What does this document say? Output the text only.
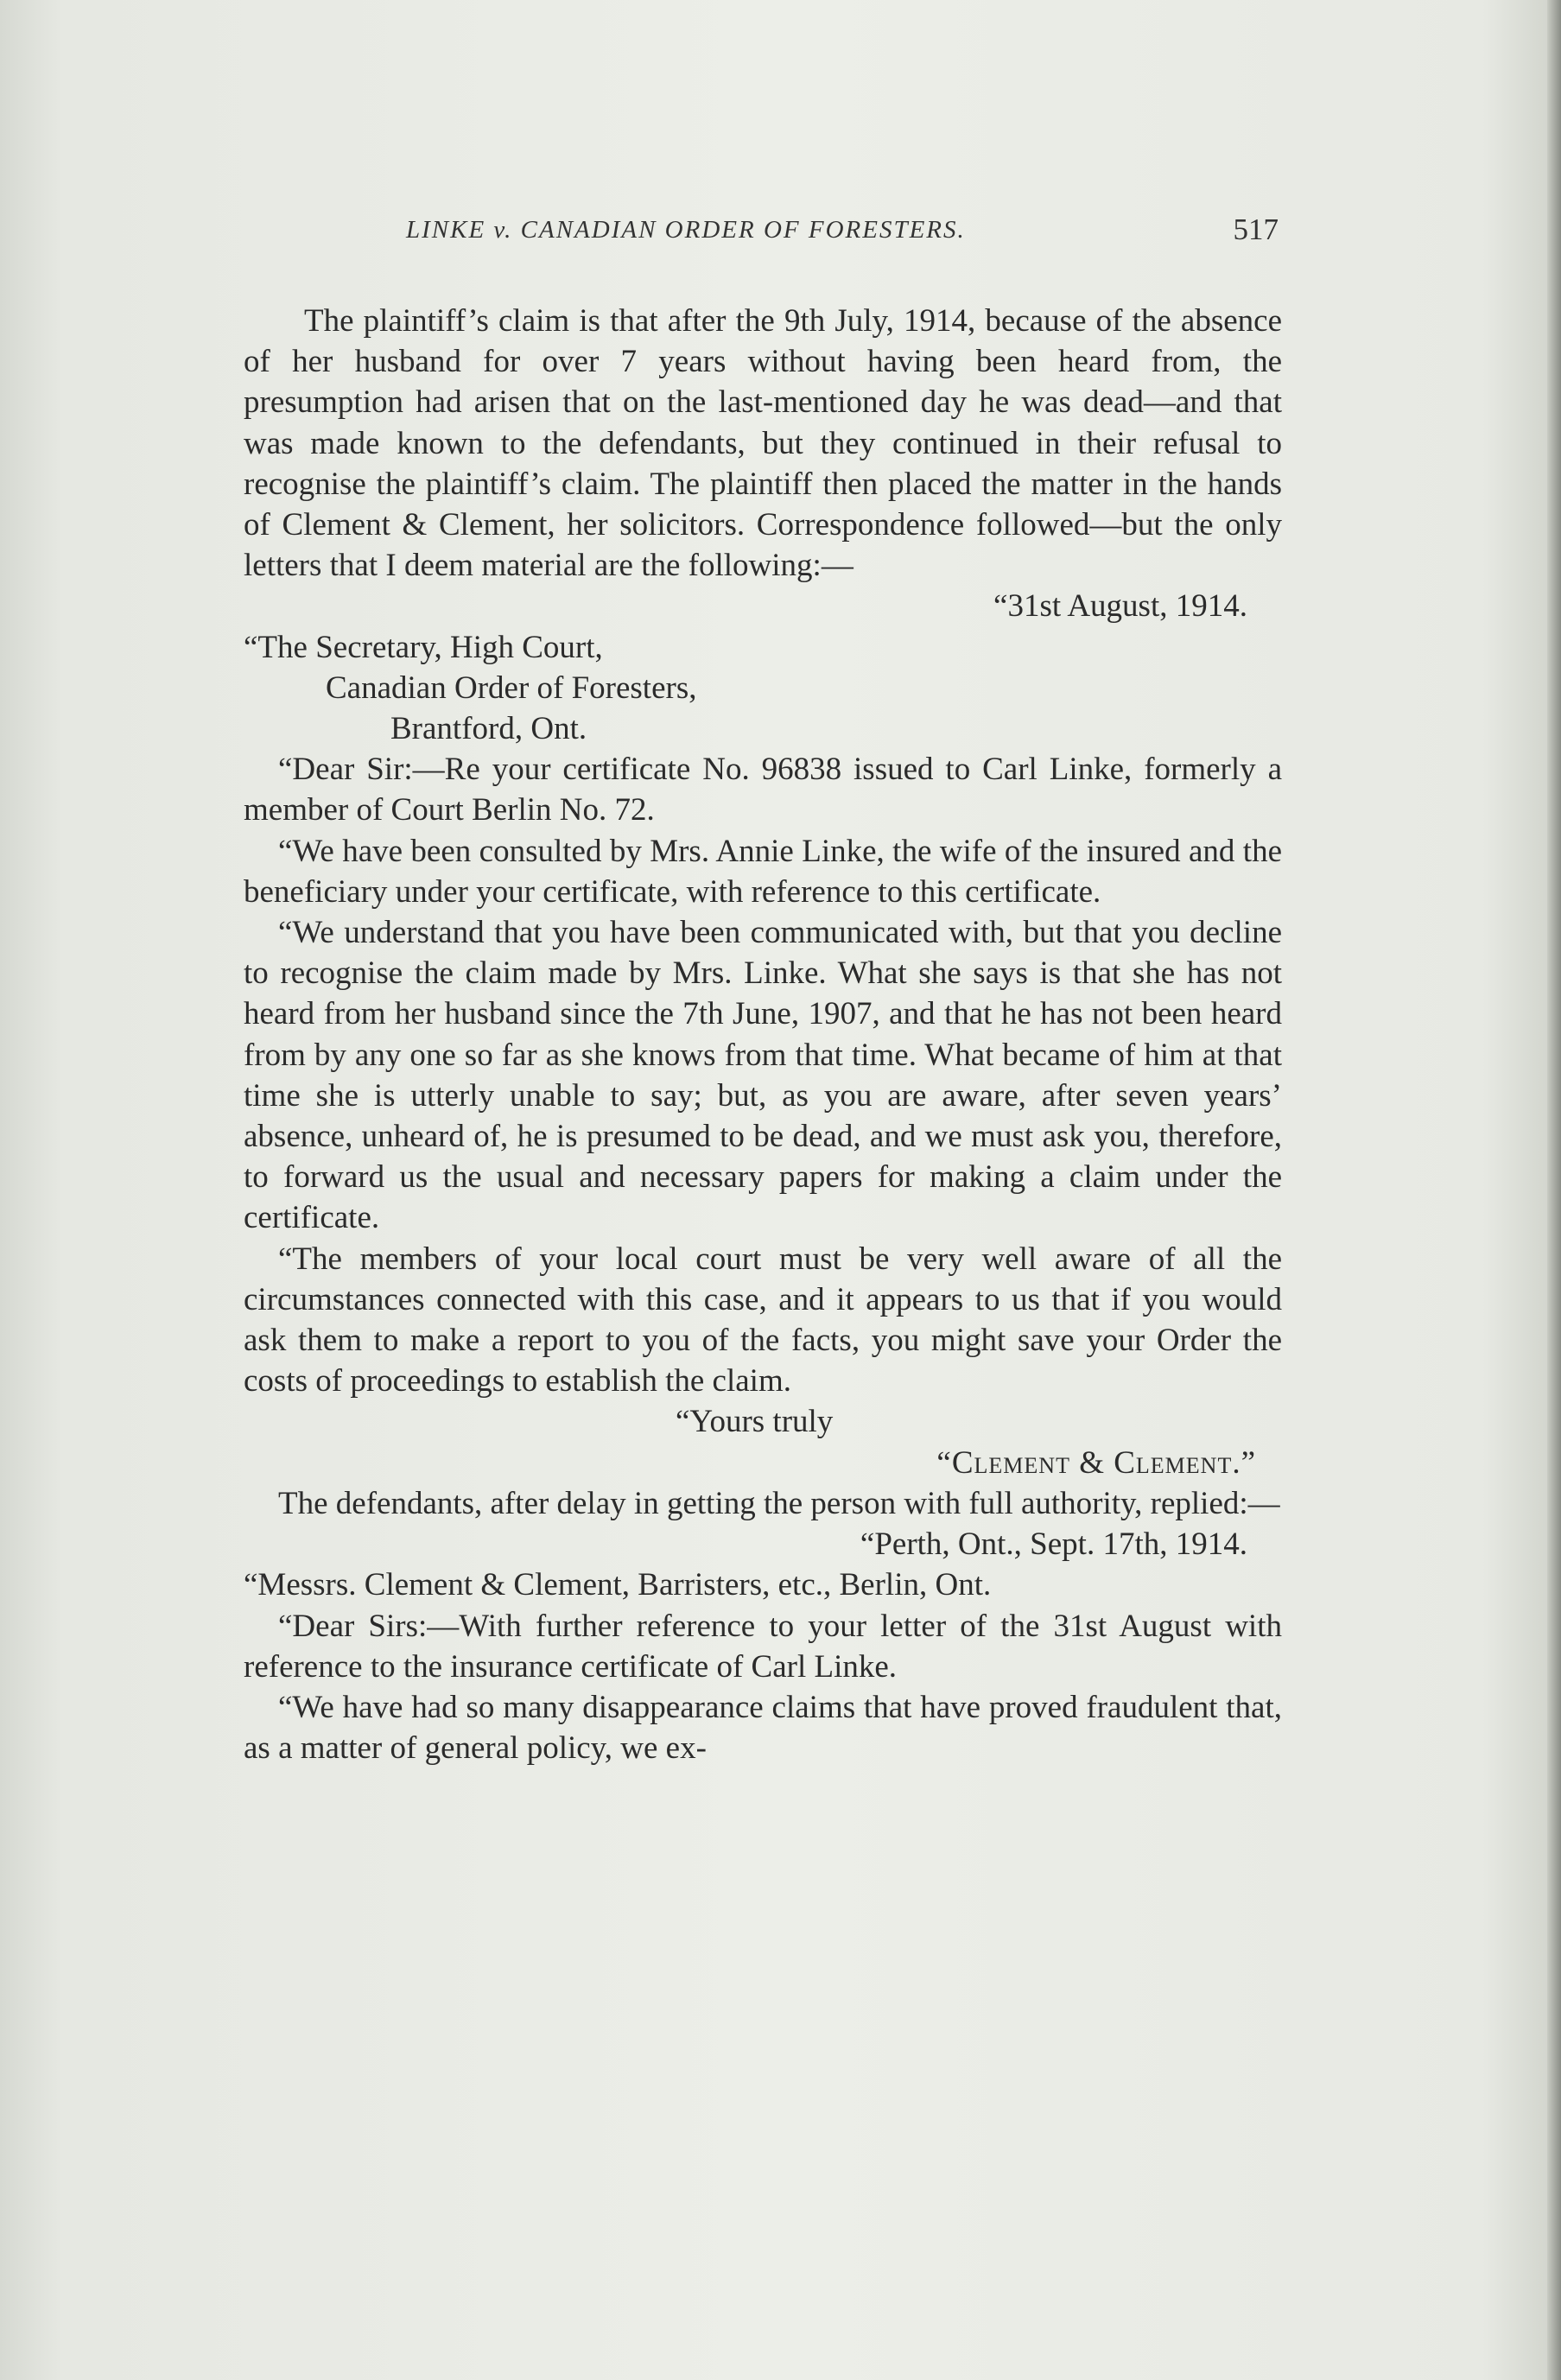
LINKE v. CANADIAN ORDER OF FORESTERS.	517

The plaintiff’s claim is that after the 9th July, 1914, because of the absence of her husband for over 7 years without having been heard from, the presumption had arisen that on the last-mentioned day he was dead—and that was made known to the defendants, but they continued in their refusal to recognise the plaintiff’s claim. The plaintiff then placed the matter in the hands of Clement & Clement, her solicitors. Correspondence followed—but the only letters that I deem material are the following:—

“31st August, 1914.

“The Secretary, High Court,

Canadian Order of Foresters,

Brantford, Ont.

“Dear Sir:—Re your certificate No. 96838 issued to Carl Linke, formerly a member of Court Berlin No. 72.

“We have been consulted by Mrs. Annie Linke, the wife of the insured and the beneficiary under your certificate, with reference to this certificate.

“We understand that you have been communicated with, but that you decline to recognise the claim made by Mrs. Linke. What she says is that she has not heard from her husband since the 7th June, 1907, and that he has not been heard from by any one so far as she knows from that time. What became of him at that time she is utterly unable to say; but, as you are aware, after seven years’ absence, unheard of, he is presumed to be dead, and we must ask you, therefore, to forward us the usual and necessary papers for making a claim under the certificate.

“The members of your local court must be very well aware of all the circumstances connected with this case, and it appears to us that if you would ask them to make a report to you of the facts, you might save your Order the costs of proceedings to establish the claim.

“Yours truly

“Clement & Clement.”

The defendants, after delay in getting the person with full authority, replied:—

“Perth, Ont., Sept. 17th, 1914.

“Messrs. Clement & Clement, Barristers, etc., Berlin, Ont.

“Dear Sirs:—With further reference to your letter of the 31st August with reference to the insurance certificate of Carl Linke.

“We have had so many disappearance claims that have proved fraudulent that, as a matter of general policy, we ex-
